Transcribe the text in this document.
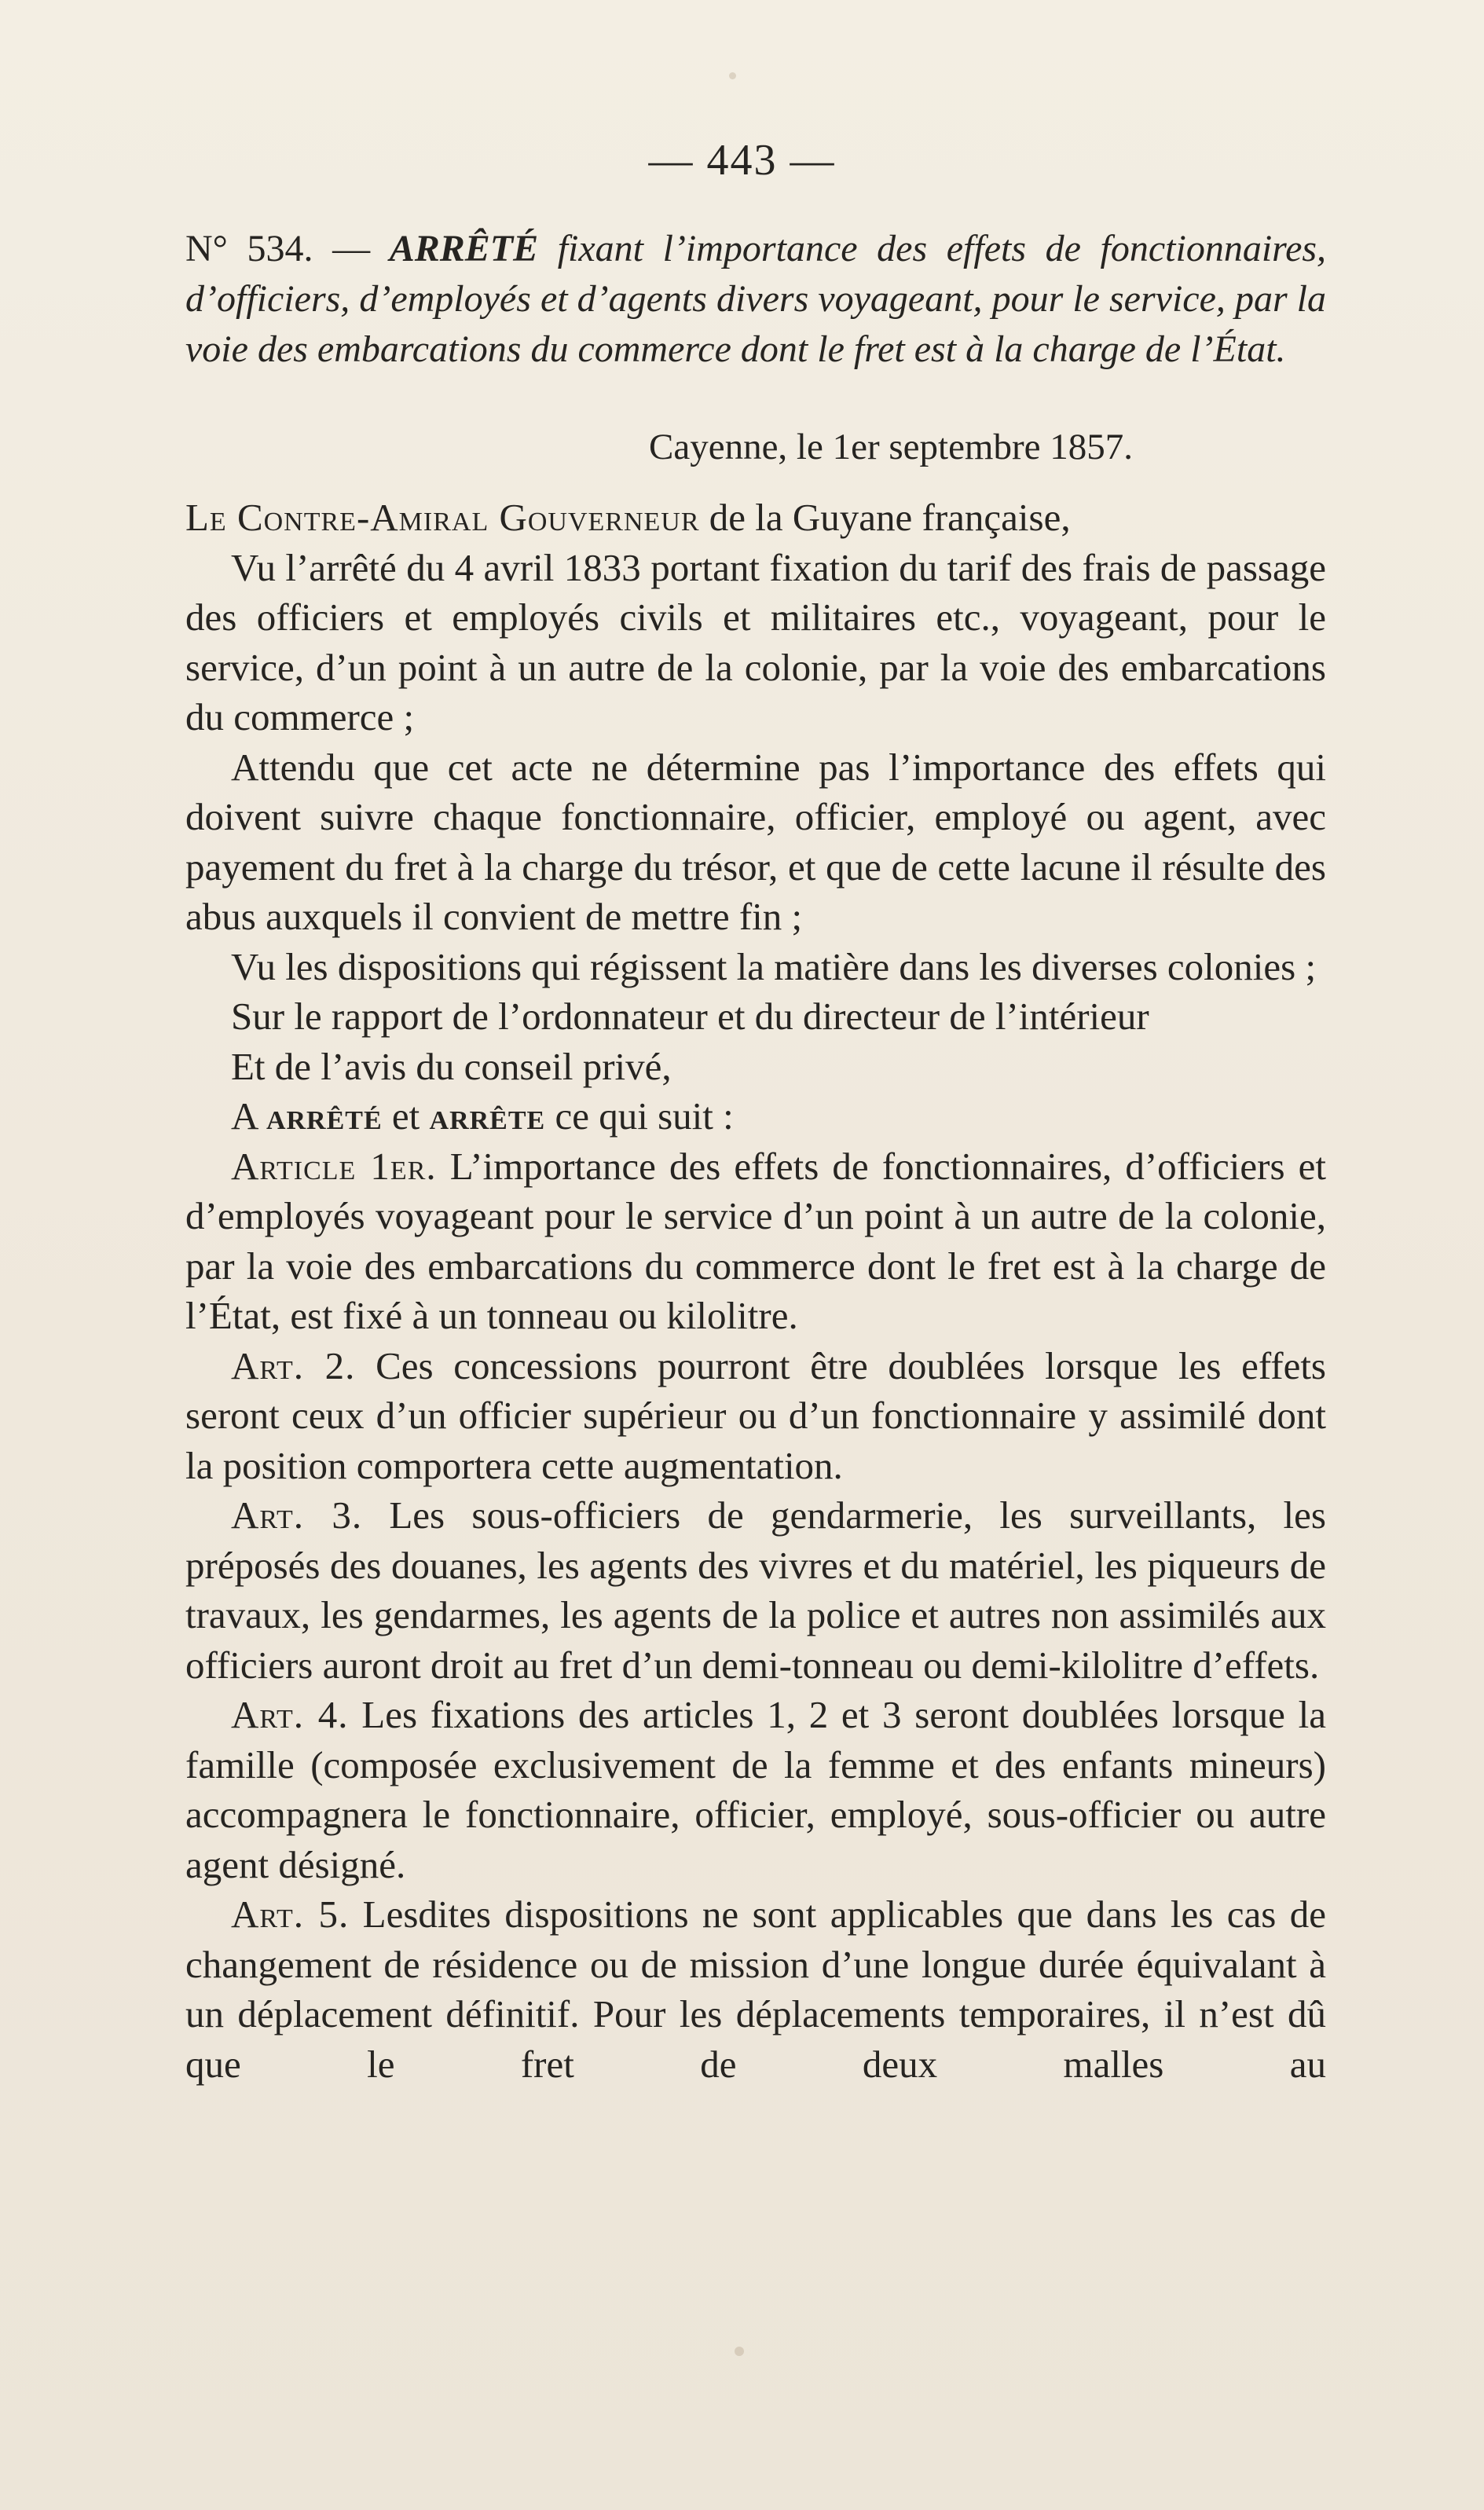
— 443 —

N° 534. — ARRÊTÉ fixant l’importance des effets de fonctionnaires, d’officiers, d’employés et d’agents divers voyageant, pour le service, par la voie des embarcations du commerce dont le fret est à la charge de l’État.

Cayenne, le 1er septembre 1857.

Le Contre-Amiral Gouverneur de la Guyane française,

Vu l’arrêté du 4 avril 1833 portant fixation du tarif des frais de passage des officiers et employés civils et militaires etc., voyageant, pour le service, d’un point à un autre de la colonie, par la voie des embarcations du commerce ;

Attendu que cet acte ne détermine pas l’importance des effets qui doivent suivre chaque fonctionnaire, officier, employé ou agent, avec payement du fret à la charge du trésor, et que de cette lacune il résulte des abus auxquels il convient de mettre fin ;

Vu les dispositions qui régissent la matière dans les diverses colonies ;

Sur le rapport de l’ordonnateur et du directeur de l’intérieur

Et de l’avis du conseil privé,

A arrêté et arrête ce qui suit :

Article 1er. L’importance des effets de fonctionnaires, d’officiers et d’employés voyageant pour le service d’un point à un autre de la colonie, par la voie des embarcations du commerce dont le fret est à la charge de l’État, est fixé à un tonneau ou kilolitre.

Art. 2. Ces concessions pourront être doublées lorsque les effets seront ceux d’un officier supérieur ou d’un fonctionnaire y assimilé dont la position comportera cette augmentation.

Art. 3. Les sous-officiers de gendarmerie, les surveillants, les préposés des douanes, les agents des vivres et du matériel, les piqueurs de travaux, les gendarmes, les agents de la police et autres non assimilés aux officiers auront droit au fret d’un demi-tonneau ou demi-kilolitre d’effets.

Art. 4. Les fixations des articles 1, 2 et 3 seront doublées lorsque la famille (composée exclusivement de la femme et des enfants mineurs) accompagnera le fonctionnaire, officier, employé, sous-officier ou autre agent désigné.

Art. 5. Lesdites dispositions ne sont applicables que dans les cas de changement de résidence ou de mission d’une longue durée équivalant à un déplacement définitif. Pour les déplacements temporaires, il n’est dû que le fret de deux malles au
